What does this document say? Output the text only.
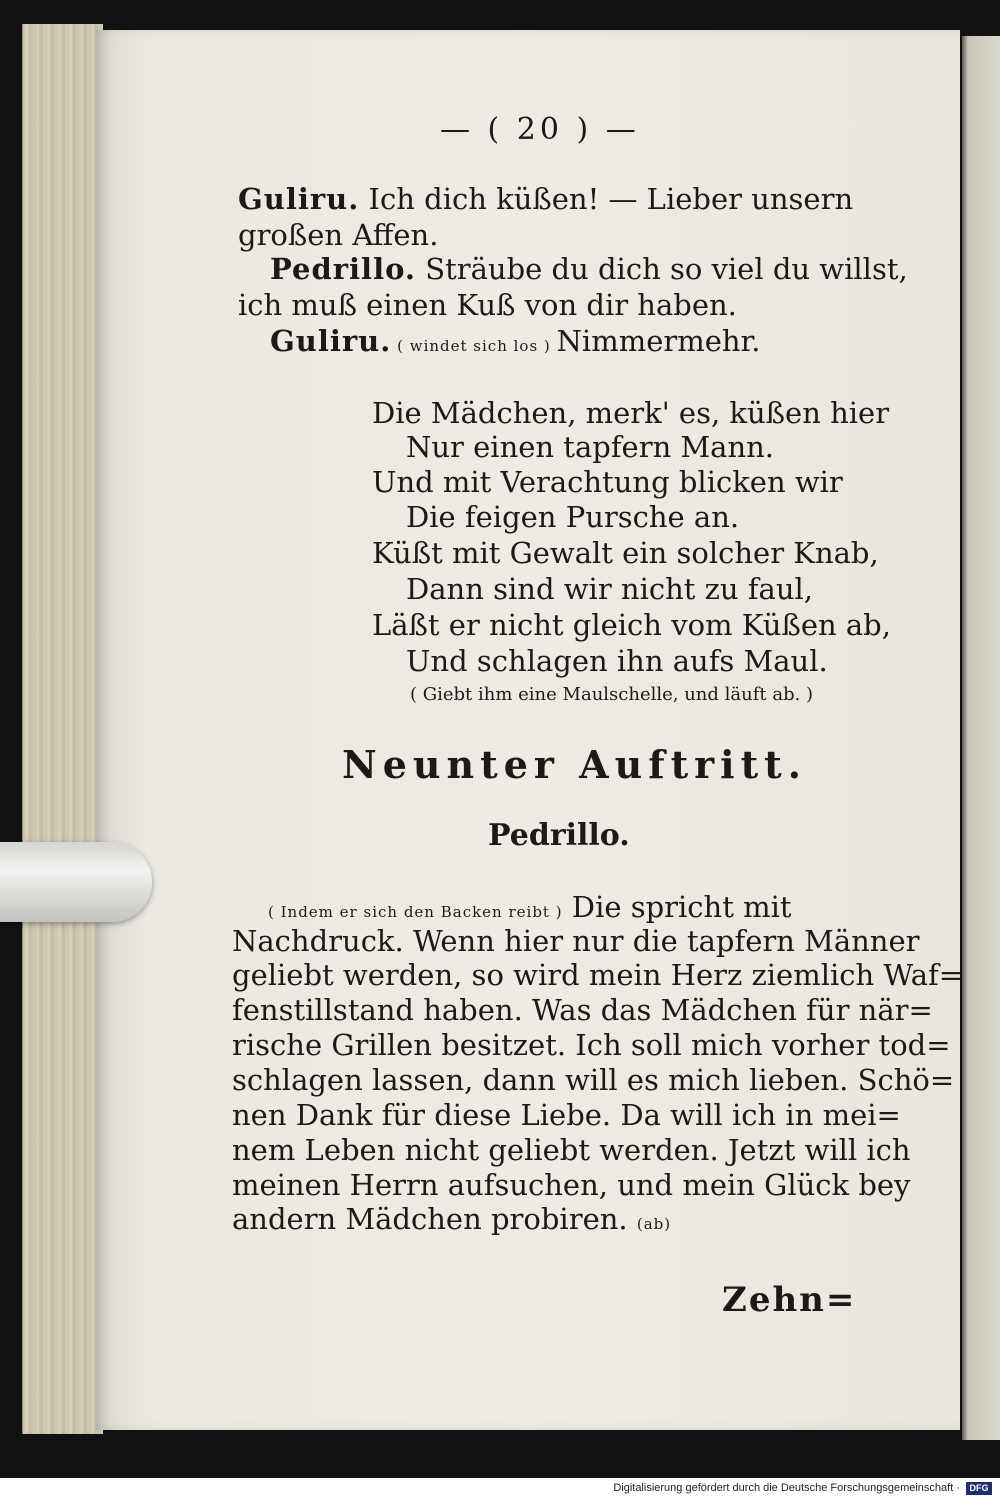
— ( 20 ) —
Guliru. Ich dich küßen! — Lieber unsern
großen Affen.
Pedrillo. Sträube du dich so viel du willst,
ich muß einen Kuß von dir haben.
Guliru. ( windet sich los ) Nimmermehr.
Die Mädchen, merk' es, küßen hier
Nur einen tapfern Mann.
Und mit Verachtung blicken wir
Die feigen Pursche an.
Küßt mit Gewalt ein solcher Knab,
Dann sind wir nicht zu faul,
Läßt er nicht gleich vom Küßen ab,
Und schlagen ihn aufs Maul.
( Giebt ihm eine Maulschelle, und läuft ab. )
Neunter Auftritt.
Pedrillo.
( Indem er sich den Backen reibt ) Die spricht mit
Nachdruck. Wenn hier nur die tapfern Männer
geliebt werden, so wird mein Herz ziemlich Waf=
fenstillstand haben. Was das Mädchen für när=
rische Grillen besitzet. Ich soll mich vorher tod=
schlagen lassen, dann will es mich lieben. Schö=
nen Dank für diese Liebe. Da will ich in mei=
nem Leben nicht geliebt werden. Jetzt will ich
meinen Herrn aufsuchen, und mein Glück bey
andern Mädchen probiren. (ab)
Zehn=
Digitalisierung gefördert durch die Deutsche Forschungsgemeinschaft ·	DFG
